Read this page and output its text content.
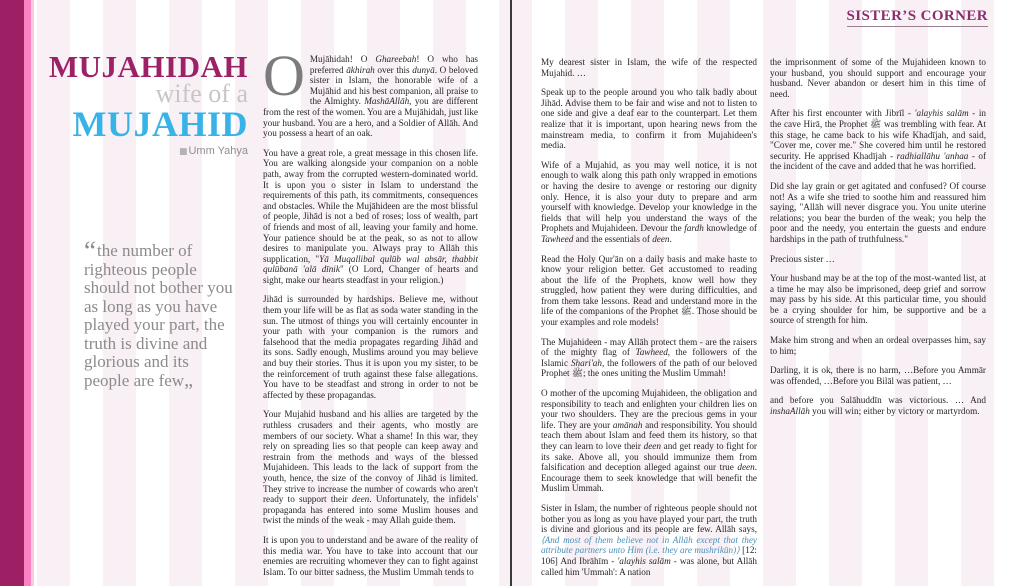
SISTER’S CORNER
MUJAHIDAH
wife of a
MUJAHID
■Umm Yahya
“the number of righteous people should not bother you as long as you have played your part, the truth is divine and glorious and its people are few„

O Mujāhidah! O Ghareebah! O who has preferred ākhirah over this dunyā. O beloved sister in Islam, the honorable wife of a Mujāhid and his best companion, all praise to the Almighty. MashāAllāh, you are different from the rest of the women. You are a Mujāhidah, just like your husband. You are a hero, and a Soldier of Allāh. And you possess a heart of an oak.

You have a great role, a great message in this chosen life. You are walking alongside your companion on a noble path, away from the corrupted western-dominated world. It is upon you o sister in Islam to understand the requirements of this path, its commitments, consequences and obstacles. While the Mujāhideen are the most blissful of people, Jihād is not a bed of roses; loss of wealth, part of friends and most of all, leaving your family and home. Your patience should be at the peak, so as not to allow desires to manipulate you. Always pray to Allāh this supplication, "Yā Muqallibal qulūb wal absār, thabbit qulūbanā 'alā dīnik" (O Lord, Changer of hearts and sight, make our hearts steadfast in your religion.)

Jihād is surrounded by hardships. Believe me, without them your life will be as flat as soda water standing in the sun. The utmost of things you will certainly encounter in your path with your companion is the rumors and falsehood that the media propagates regarding Jihād and its sons. Sadly enough, Muslims around you may believe and buy their stories. Thus it is upon you my sister, to be the reinforcement of truth against these false allegations. You have to be steadfast and strong in order to not be affected by these propagandas.

Your Mujahid husband and his allies are targeted by the ruthless crusaders and their agents, who mostly are members of our society. What a shame! In this war, they rely on spreading lies so that people can keep away and restrain from the methods and ways of the blessed Mujahideen. This leads to the lack of support from the youth, hence, the size of the convoy of Jihād is limited. They strive to increase the number of cowards who aren't ready to support their deen. Unfortunately, the infidels' propaganda has entered into some Muslim houses and twist the minds of the weak - may Allah guide them.

It is upon you to understand and be aware of the reality of this media war. You have to take into account that our enemies are recruiting whomever they can to fight against Islam. To our bitter sadness, the Muslim Ummah tends to

My dearest sister in Islam, the wife of the respected Mujahid. …

Speak up to the people around you who talk badly about Jihād. Advise them to be fair and wise and not to listen to one side and give a deaf ear to the counterpart. Let them realize that it is important, upon hearing news from the mainstream media, to confirm it from Mujahideen's media.

Wife of a Mujahid, as you may well notice, it is not enough to walk along this path only wrapped in emotions or having the desire to avenge or restoring our dignity only. Hence, it is also your duty to prepare and arm yourself with knowledge. Develop your knowledge in the fields that will help you understand the ways of the Prophets and Mujahideen. Devour the fardh knowledge of Tawheed and the essentials of deen.

Read the Holy Qur'ān on a daily basis and make haste to know your religion better. Get accustomed to reading about the life of the Prophets, know well how they struggled, how patient they were during difficulties, and from them take lessons. Read and understand more in the life of the companions of the Prophet ﷺ. Those should be your examples and role models!

The Mujahideen - may Allāh protect them - are the raisers of the mighty flag of Tawheed, the followers of the Islamic Shari'ah, the followers of the path of our beloved Prophet ﷺ; the ones uniting the Muslim Ummah!

O mother of the upcoming Mujahideen, the obligation and responsibility to teach and enlighten your children lies on your two shoulders. They are the precious gems in your life. They are your amānah and responsibility. You should teach them about Islam and feed them its history, so that they can learn to love their deen and get ready to fight for its sake. Above all, you should immunize them from falsification and deception alleged against our true deen. Encourage them to seek knowledge that will benefit the Muslim Ummah.

Sister in Islam, the number of righteous people should not bother you as long as you have played your part, the truth is divine and glorious and its people are few. Allāh says, ⟨And most of them believe not in Allāh except that they attribute partners unto Him (i.e. they are mushrikūn)⟩ [12: 106] And Ibrāhīm - 'alayhis salām - was alone, but Allāh called him 'Ummah': A nation

the imprisonment of some of the Mujahideen known to your husband, you should support and encourage your husband. Never abandon or desert him in this time of need.

After his first encounter with Jibrīl - 'alayhis salām - in the cave Hirā, the Prophet ﷺ was trembling with fear. At this stage, he came back to his wife Khadījah, and said, "Cover me, cover me." She covered him until he restored security. He apprised Khadījah - radhiallāhu 'anhaa - of the incident of the cave and added that he was horrified.

Did she lay grain or get agitated and confused? Of course not! As a wife she tried to soothe him and reassured him saying, "Allāh will never disgrace you. You unite uterine relations; you bear the burden of the weak; you help the poor and the needy, you entertain the guests and endure hardships in the path of truthfulness."

Precious sister …

Your husband may be at the top of the most-wanted list, at a time he may also be imprisoned, deep grief and sorrow may pass by his side. At this particular time, you should be a crying shoulder for him, be supportive and be a source of strength for him.

Make him strong and when an ordeal overpasses him, say to him;

Darling, it is ok, there is no harm, …Before you Ammār was offended, …Before you Bilāl was patient, …

and before you Salāhuddīn was victorious. … And inshaAllāh you will win; either by victory or martyrdom.
